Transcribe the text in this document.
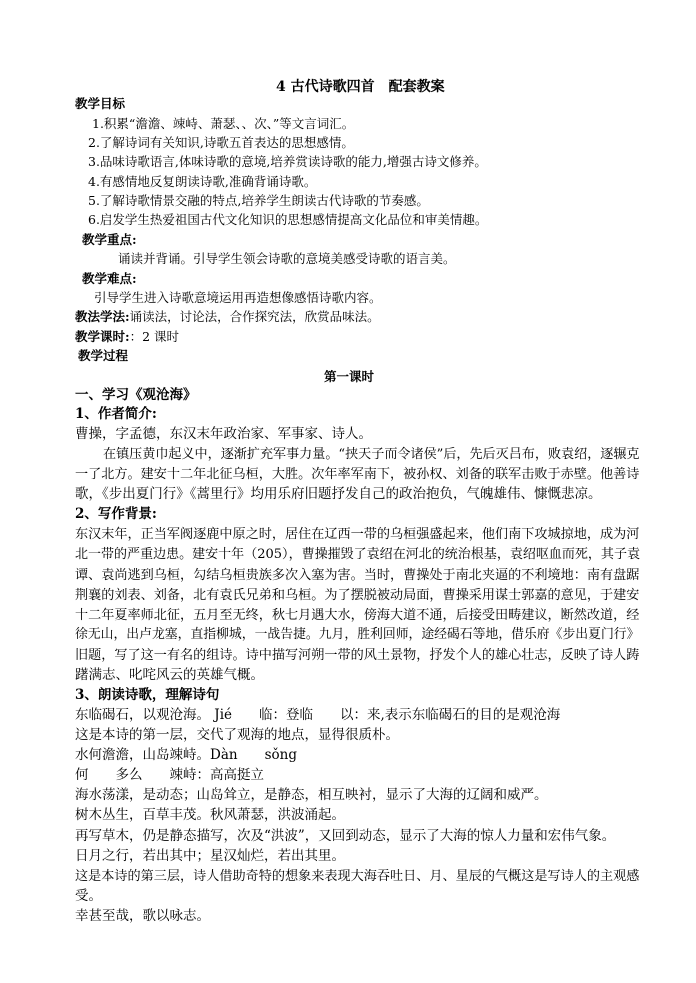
4 古代诗歌四首　配套教案
教学目标
1.积累“澹澹、竦峙、萧瑟、、次、”等文言词汇。
2.了解诗词有关知识,诗歌五首表达的思想感情。
3.品味诗歌语言,体味诗歌的意境,培养赏读诗歌的能力,增强古诗文修养。
4.有感情地反复朗读诗歌,准确背诵诗歌。
5.了解诗歌情景交融的特点,培养学生朗读古代诗歌的节奏感。
6.启发学生热爱祖国古代文化知识的思想感情提高文化品位和审美情趣。
教学重点:
诵读并背诵。引导学生领会诗歌的意境美感受诗歌的语言美。
教学难点:
引导学生进入诗歌意境运用再造想像感悟诗歌内容。
教法学法:诵读法，讨论法，合作探究法，欣赏品味法。
教学课时:：2 课时
教学过程
第一课时
一、学习《观沧海》
1、作者简介:
曹操，字孟德，东汉末年政治家、军事家、诗人。
在镇压黄巾起义中，逐渐扩充军事力量。“挟天子而令诸侯”后，先后灭吕布，败袁绍，逐辗克
一了北方。建安十二年北征乌桓，大胜。次年率军南下，被孙权、刘备的联军击败于赤壁。他善诗
歌，《步出夏门行》《蒿里行》均用乐府旧题抒发自己的政治抱负，气魄雄伟、慷慨悲凉。
2、写作背景:
东汉末年，正当军阀逐鹿中原之时，居住在辽西一带的乌桓强盛起来，他们南下攻城掠地，成为河
北一带的严重边患。建安十年（205），曹操摧毁了袁绍在河北的统治根基，袁绍呕血而死，其子袁
谭、袁尚逃到乌桓，勾结乌桓贵族多次入塞为害。当时，曹操处于南北夹逼的不利境地：南有盘踞
荆襄的刘表、刘备，北有袁氏兄弟和乌桓。为了摆脱被动局面，曹操采用谋士郭嘉的意见，于建安
十二年夏率师北征，五月至无终，秋七月遇大水，傍海大道不通，后接受田畴建议，断然改道，经
徐无山，出卢龙塞，直指柳城，一战告捷。九月，胜利回师，途经碣石等地，借乐府《步出夏门行》
旧题，写了这一有名的组诗。诗中描写河朔一带的风土景物，抒发个人的雄心壮志，反映了诗人踌
躇满志、叱咤风云的英雄气概。
3、朗读诗歌，理解诗句
东临碣石，以观沧海。 Jié　　临：登临　　以：来,表示东临碣石的目的是观沧海
这是本诗的第一层，交代了观海的地点，显得很质朴。
水何澹澹，山岛竦峙。Dàn　　sǒng
何　　多么　　竦峙：高高挺立
海水荡漾，是动态；山岛耸立，是静态，相互映衬，显示了大海的辽阔和威严。
树木丛生，百草丰茂。秋风萧瑟，洪波涌起。
再写草木，仍是静态描写，次及“洪波”，又回到动态，显示了大海的惊人力量和宏伟气象。
日月之行，若出其中；星汉灿烂，若出其里。
这是本诗的第三层，诗人借助奇特的想象来表现大海吞吐日、月、星辰的气概这是写诗人的主观感
受。
幸甚至哉，歌以咏志。
